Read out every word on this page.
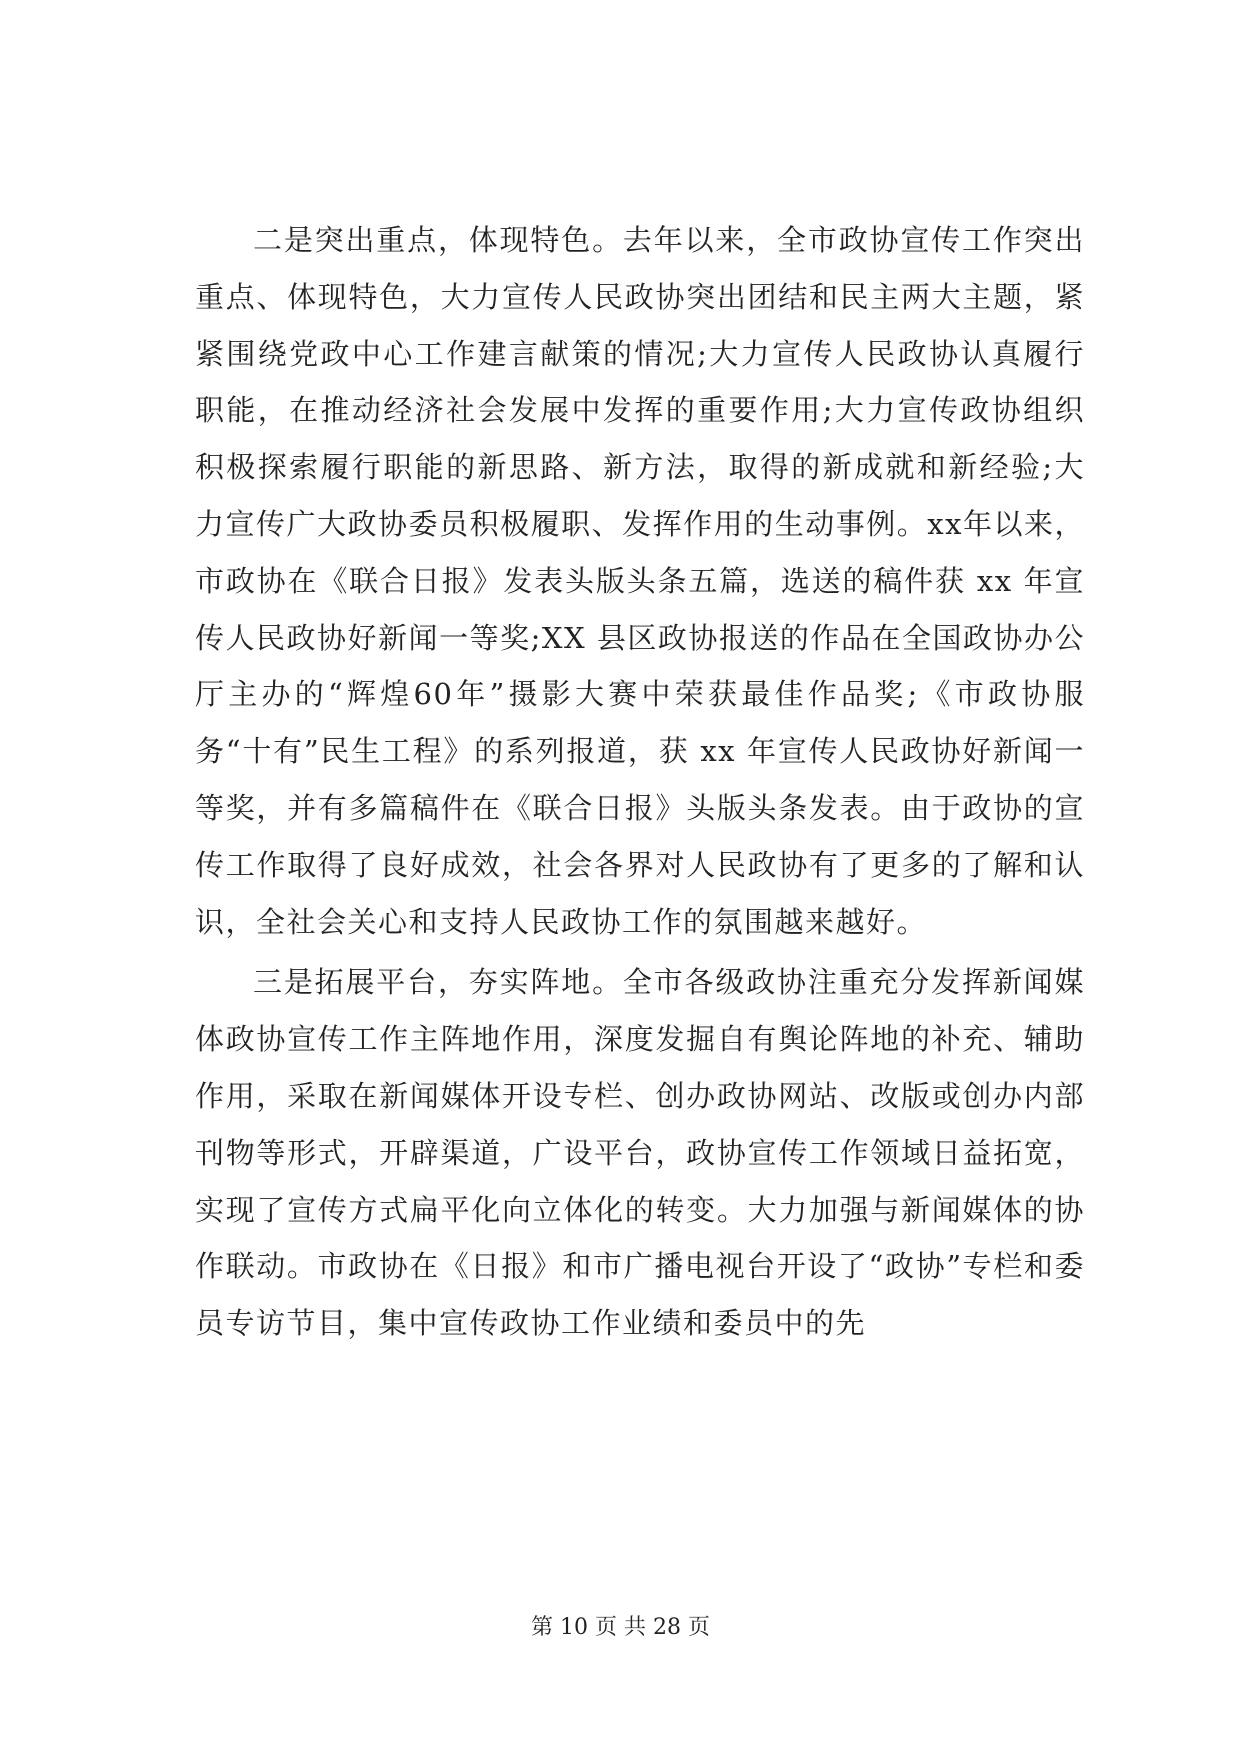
二是突出重点，体现特色。去年以来，全市政协宣传工作突出重点、体现特色，大力宣传人民政协突出团结和民主两大主题，紧紧围绕党政中心工作建言献策的情况;大力宣传人民政协认真履行职能，在推动经济社会发展中发挥的重要作用;大力宣传政协组织积极探索履行职能的新思路、新方法，取得的新成就和新经验;大力宣传广大政协委员积极履职、发挥作用的生动事例。xx年以来，市政协在《联合日报》发表头版头条五篇，选送的稿件获 xx 年宣传人民政协好新闻一等奖;XX 县区政协报送的作品在全国政协办公厅主办的“辉煌60年”摄影大赛中荣获最佳作品奖;《市政协服务“十有”民生工程》的系列报道，获 xx 年宣传人民政协好新闻一等奖，并有多篇稿件在《联合日报》头版头条发表。由于政协的宣传工作取得了良好成效，社会各界对人民政协有了更多的了解和认识，全社会关心和支持人民政协工作的氛围越来越好。

三是拓展平台，夯实阵地。全市各级政协注重充分发挥新闻媒体政协宣传工作主阵地作用，深度发掘自有舆论阵地的补充、辅助作用，采取在新闻媒体开设专栏、创办政协网站、改版或创办内部刊物等形式，开辟渠道，广设平台，政协宣传工作领域日益拓宽，实现了宣传方式扁平化向立体化的转变。大力加强与新闻媒体的协作联动。市政协在《日报》和市广播电视台开设了“政协”专栏和委员专访节目，集中宣传政协工作业绩和委员中的先

第 10 页 共 28 页
